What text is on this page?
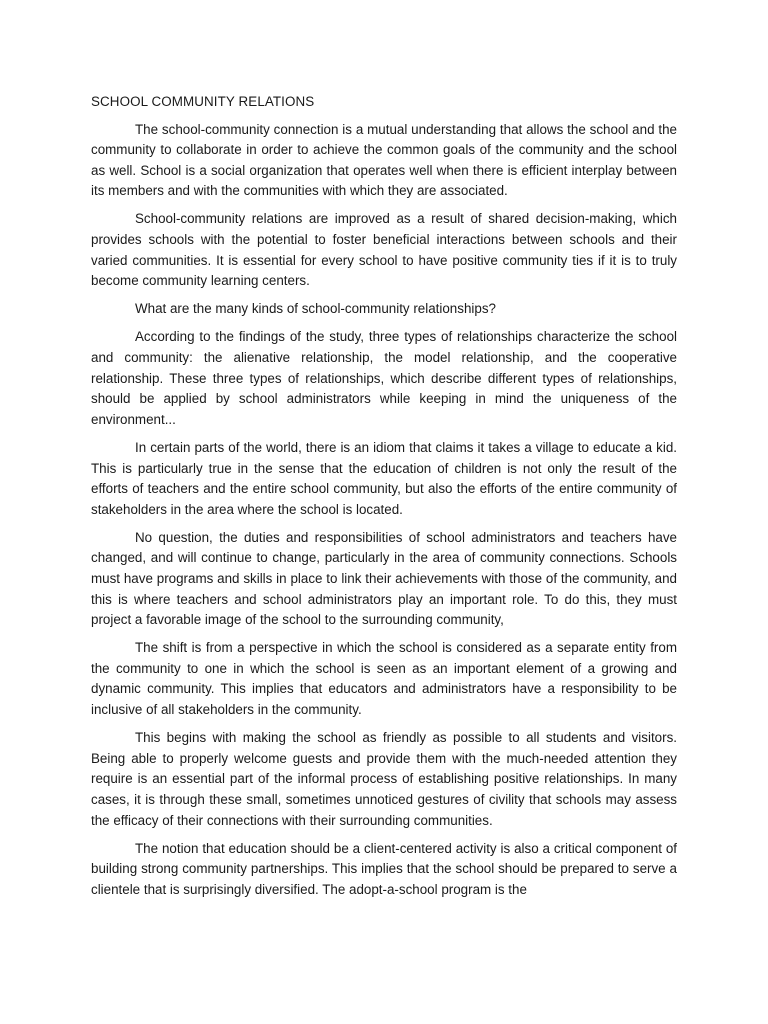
SCHOOL COMMUNITY RELATIONS

The school-community connection is a mutual understanding that allows the school and the community to collaborate in order to achieve the common goals of the community and the school as well. School is a social organization that operates well when there is efficient interplay between its members and with the communities with which they are associated.

School-community relations are improved as a result of shared decision-making, which provides schools with the potential to foster beneficial interactions between schools and their varied communities. It is essential for every school to have positive community ties if it is to truly become community learning centers.

What are the many kinds of school-community relationships?

According to the findings of the study, three types of relationships characterize the school and community: the alienative relationship, the model relationship, and the cooperative relationship. These three types of relationships, which describe different types of relationships, should be applied by school administrators while keeping in mind the uniqueness of the environment...

In certain parts of the world, there is an idiom that claims it takes a village to educate a kid. This is particularly true in the sense that the education of children is not only the result of the efforts of teachers and the entire school community, but also the efforts of the entire community of stakeholders in the area where the school is located.

No question, the duties and responsibilities of school administrators and teachers have changed, and will continue to change, particularly in the area of community connections. Schools must have programs and skills in place to link their achievements with those of the community, and this is where teachers and school administrators play an important role. To do this, they must project a favorable image of the school to the surrounding community,

The shift is from a perspective in which the school is considered as a separate entity from the community to one in which the school is seen as an important element of a growing and dynamic community. This implies that educators and administrators have a responsibility to be inclusive of all stakeholders in the community.

This begins with making the school as friendly as possible to all students and visitors. Being able to properly welcome guests and provide them with the much-needed attention they require is an essential part of the informal process of establishing positive relationships. In many cases, it is through these small, sometimes unnoticed gestures of civility that schools may assess the efficacy of their connections with their surrounding communities.

The notion that education should be a client-centered activity is also a critical component of building strong community partnerships. This implies that the school should be prepared to serve a clientele that is surprisingly diversified. The adopt-a-school program is the
